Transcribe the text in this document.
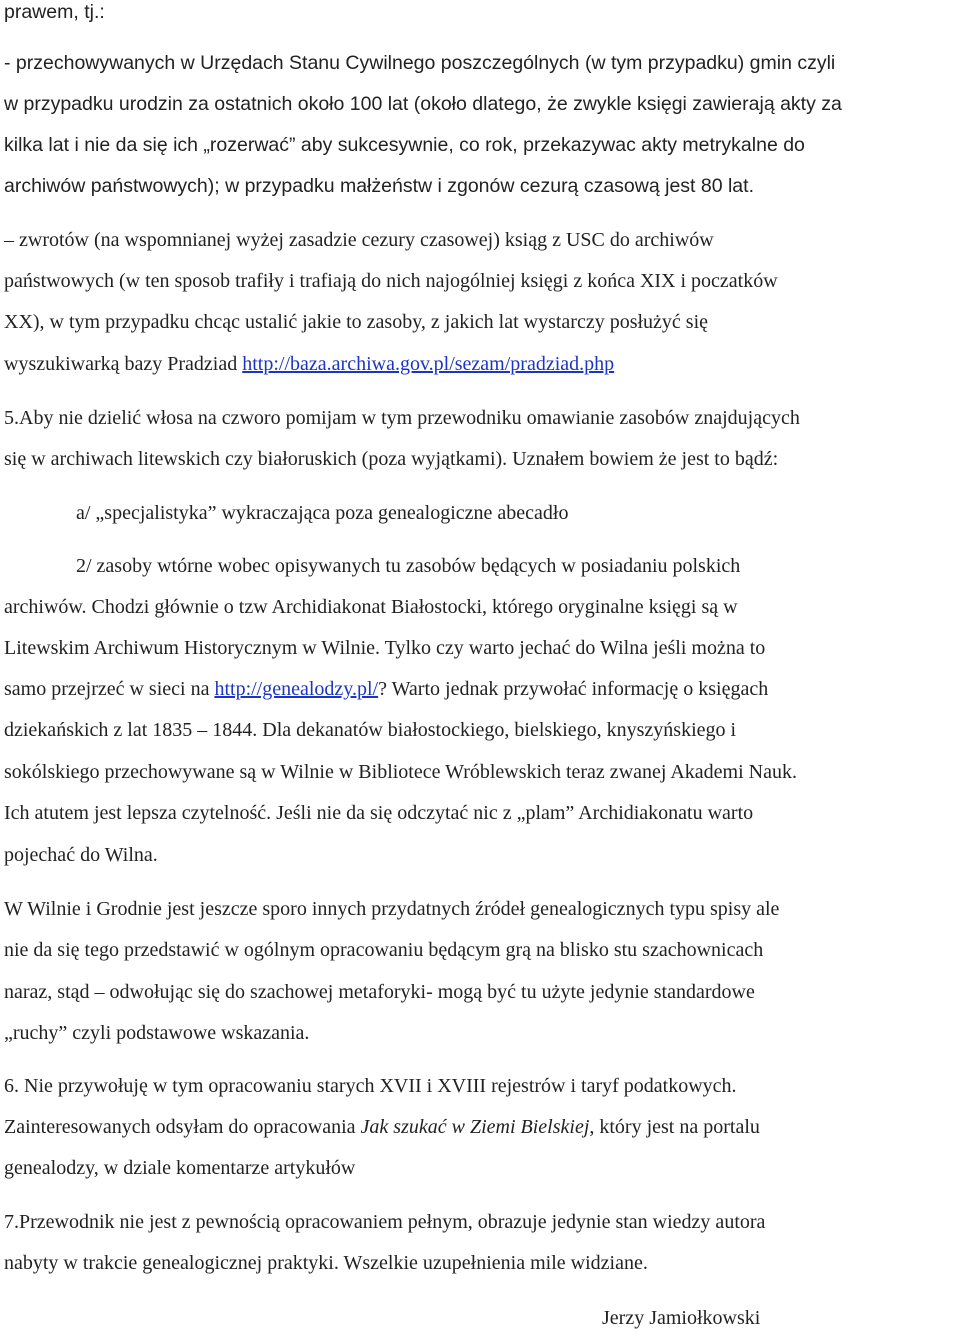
prawem, tj.:
- przechowywanych w Urzędach Stanu Cywilnego poszczególnych (w tym przypadku) gmin czyli
w przypadku urodzin za ostatnich około 100 lat (około dlatego, że zwykle księgi zawierają akty za
kilka lat i nie da się ich „rozerwać” aby sukcesywnie, co rok, przekazywac akty metrykalne do
archiwów państwowych); w przypadku małżeństw i zgonów cezurą czasową jest 80 lat.
– zwrotów (na wspomnianej wyżej zasadzie cezury czasowej) ksiąg z USC do archiwów
państwowych (w ten sposob trafiły i trafiają do nich najogólniej księgi z końca XIX i poczatków
XX), w tym przypadku chcąc ustalić jakie to zasoby, z jakich lat wystarczy posłużyć się
wyszukiwarką bazy Pradziad http://baza.archiwa.gov.pl/sezam/pradziad.php
5.Aby nie dzielić włosa na czworo pomijam w tym przewodniku omawianie zasobów znajdujących
się w archiwach litewskich czy białoruskich (poza wyjątkami). Uznałem bowiem że jest to bądź:
a/ „specjalistyka” wykraczająca poza genealogiczne abecadło
2/ zasoby wtórne wobec opisywanych tu zasobów będących w posiadaniu polskich
archiwów. Chodzi głównie o tzw Archidiakonat Białostocki, którego oryginalne księgi są w
Litewskim Archiwum Historycznym w Wilnie. Tylko czy warto jechać do Wilna jeśli można to
samo przejrzeć w sieci na http://genealodzy.pl/? Warto jednak przywołać informację o księgach
dziekańskich z lat 1835 – 1844. Dla dekanatów białostockiego, bielskiego, knyszyńskiego i
sokólskiego przechowywane są w Wilnie w Bibliotece Wróblewskich teraz zwanej Akademi Nauk.
Ich atutem jest lepsza czytelność. Jeśli nie da się odczytać nic z „plam” Archidiakonatu warto
pojechać do Wilna.
W Wilnie i Grodnie jest jeszcze sporo innych przydatnych źródeł genealogicznych typu spisy ale
nie da się tego przedstawić w ogólnym opracowaniu będącym grą na blisko stu szachownicach
naraz, stąd – odwołując się do szachowej metaforyki- mogą być tu użyte jedynie standardowe
„ruchy” czyli podstawowe wskazania.
6. Nie przywołuję w tym opracowaniu starych XVII i XVIII rejestrów i taryf podatkowych.
Zainteresowanych odsyłam do opracowania Jak szukać w Ziemi Bielskiej, który jest na portalu
genealodzy, w dziale komentarze artykułów
7.Przewodnik nie jest z pewnością opracowaniem pełnym, obrazuje jedynie stan wiedzy autora
nabyty w trakcie genealogicznej praktyki. Wszelkie uzupełnienia mile widziane.
Jerzy Jamiołkowski
